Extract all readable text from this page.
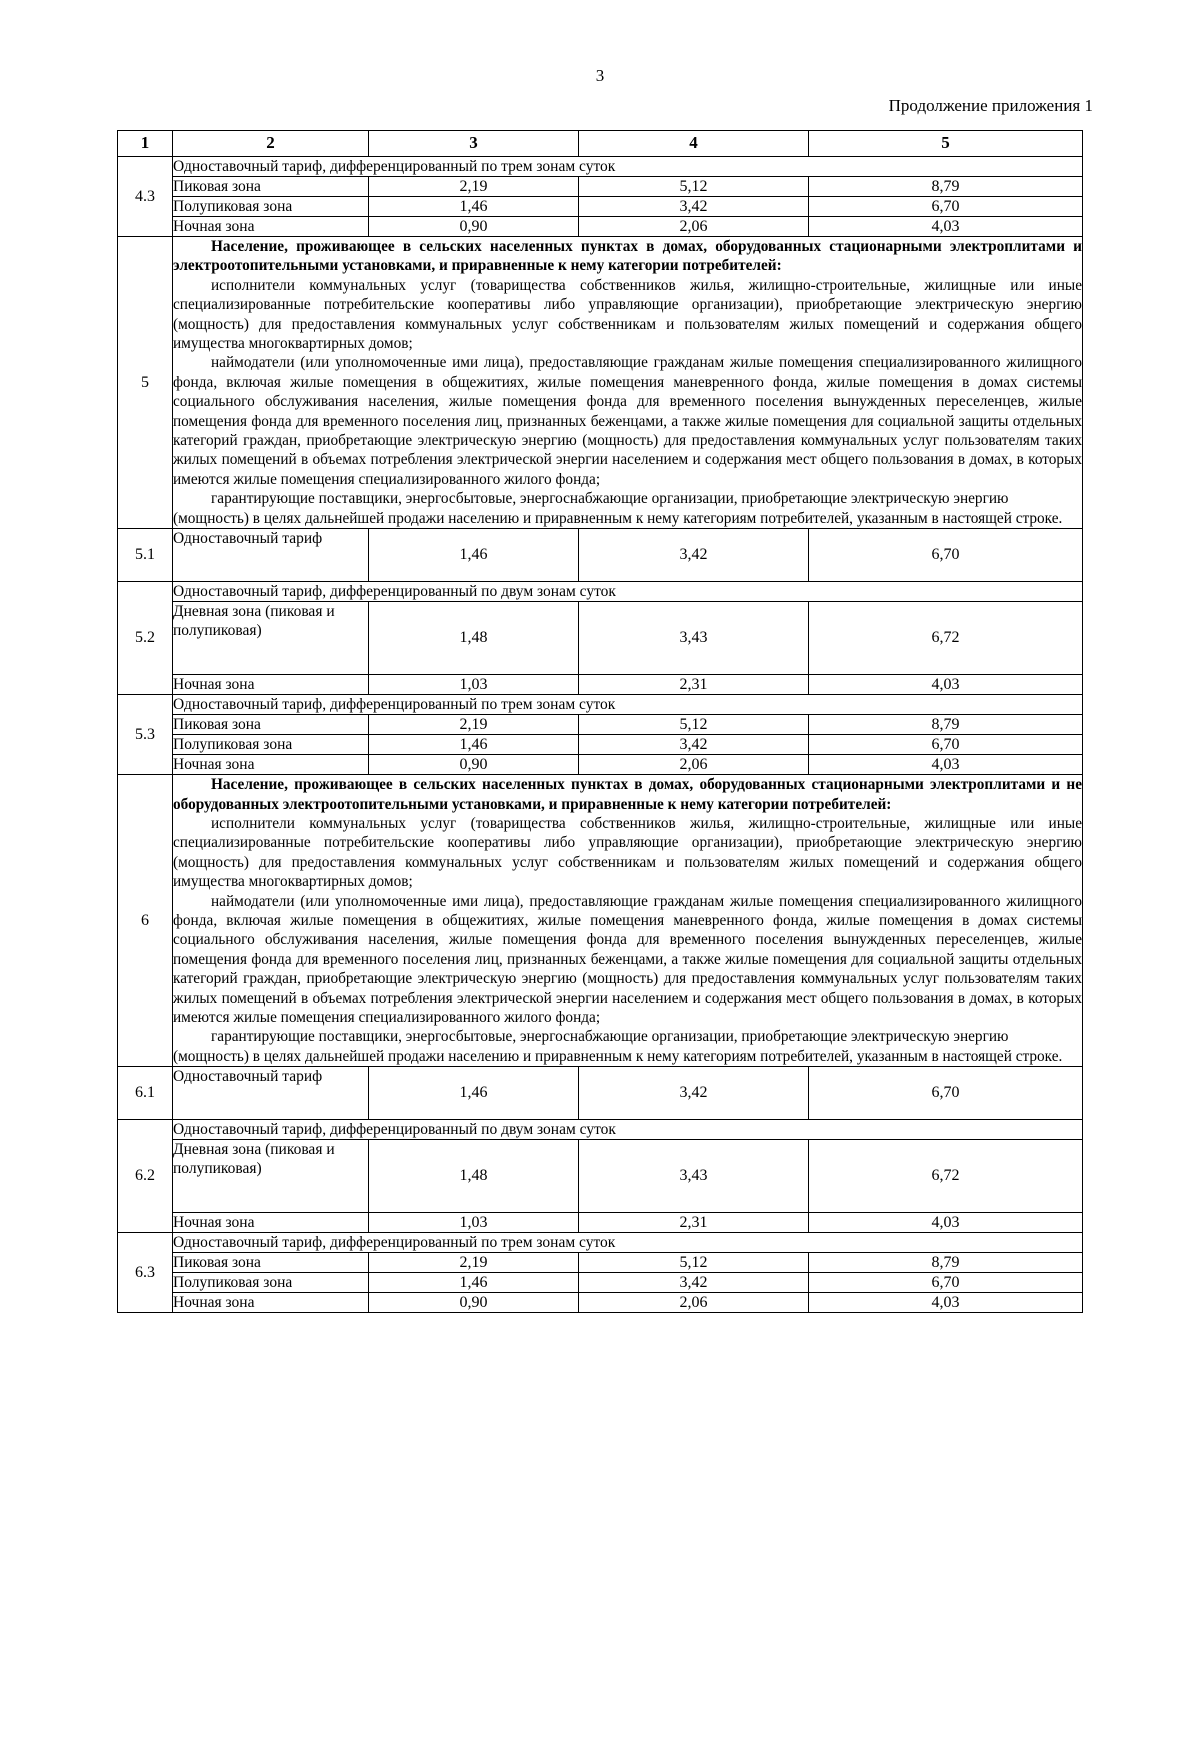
3
Продолжение приложения 1
1	2	3	4	5
4.3	Одноставочный тариф, дифференцированный по трем зонам суток			
	Пиковая зона	2,19	5,12	8,79
	Полупиковая зона	1,46	3,42	6,70
	Ночная зона	0,90	2,06	4,03
5	Население, проживающее в сельских населенных пунктах в домах, оборудованных стационарными электроплитами и электроотопительными установками, и приравненные к нему категории потребителей:

исполнители коммунальных услуг (товарищества собственников жилья, жилищно-строительные, жилищные или иные специализированные потребительские кооперативы либо управляющие организации), приобретающие электрическую энергию (мощность) для предоставления коммунальных услуг собственникам и пользователям жилых помещений и содержания общего имущества многоквартирных домов;

наймодатели (или уполномоченные ими лица), предоставляющие гражданам жилые помещения специализированного жилищного фонда, включая жилые помещения в общежитиях, жилые помещения маневренного фонда, жилые помещения в домах системы социального обслуживания населения, жилые помещения фонда для временного поселения вынужденных переселенцев, жилые помещения фонда для временного поселения лиц, признанных беженцами, а также жилые помещения для социальной защиты отдельных категорий граждан, приобретающие электрическую энергию (мощность) для предоставления коммунальных услуг пользователям таких жилых помещений в объемах потребления электрической энергии населением и содержания мест общего пользования в домах, в которых имеются жилые помещения специализированного жилого фонда;

гарантирующие поставщики, энергосбытовые, энергоснабжающие организации, приобретающие электрическую энергию (мощность) в целях дальнейшей продажи населению и приравненным к нему категориям потребителей, указанным в настоящей строке.			

5.1	Одноставочный тариф	1,46	3,42	6,70
5.2	Одноставочный тариф, дифференцированный по двум зонам суток			
	Дневная зона (пиковая и полупиковая)	1,48	3,43	6,72
	Ночная зона	1,03	2,31	4,03
5.3	Одноставочный тариф, дифференцированный по трем зонам суток			
	Пиковая зона	2,19	5,12	8,79
	Полупиковая зона	1,46	3,42	6,70
	Ночная зона	0,90	2,06	4,03
6	Население, проживающее в сельских населенных пунктах в домах, оборудованных стационарными электроплитами и не оборудованных электроотопительными установками, и приравненные к нему категории потребителей:

исполнители коммунальных услуг (товарищества собственников жилья, жилищно-строительные, жилищные или иные специализированные потребительские кооперативы либо управляющие организации), приобретающие электрическую энергию (мощность) для предоставления коммунальных услуг собственникам и пользователям жилых помещений и содержания общего имущества многоквартирных домов;

наймодатели (или уполномоченные ими лица), предоставляющие гражданам жилые помещения специализированного жилищного фонда, включая жилые помещения в общежитиях, жилые помещения маневренного фонда, жилые помещения в домах системы социального обслуживания населения, жилые помещения фонда для временного поселения вынужденных переселенцев, жилые помещения фонда для временного поселения лиц, признанных беженцами, а также жилые помещения для социальной защиты отдельных категорий граждан, приобретающие электрическую энергию (мощность) для предоставления коммунальных услуг пользователям таких жилых помещений в объемах потребления электрической энергии населением и содержания мест общего пользования в домах, в которых имеются жилые помещения специализированного жилого фонда;

гарантирующие поставщики, энергосбытовые, энергоснабжающие организации, приобретающие электрическую энергию (мощность) в целях дальнейшей продажи населению и приравненным к нему категориям потребителей, указанным в настоящей строке.			

6.1	Одноставочный тариф	1,46	3,42	6,70
6.2	Одноставочный тариф, дифференцированный по двум зонам суток			
	Дневная зона (пиковая и полупиковая)	1,48	3,43	6,72
	Ночная зона	1,03	2,31	4,03
6.3	Одноставочный тариф, дифференцированный по трем зонам суток			
	Пиковая зона	2,19	5,12	8,79
	Полупиковая зона	1,46	3,42	6,70
	Ночная зона	0,90	2,06	4,03
